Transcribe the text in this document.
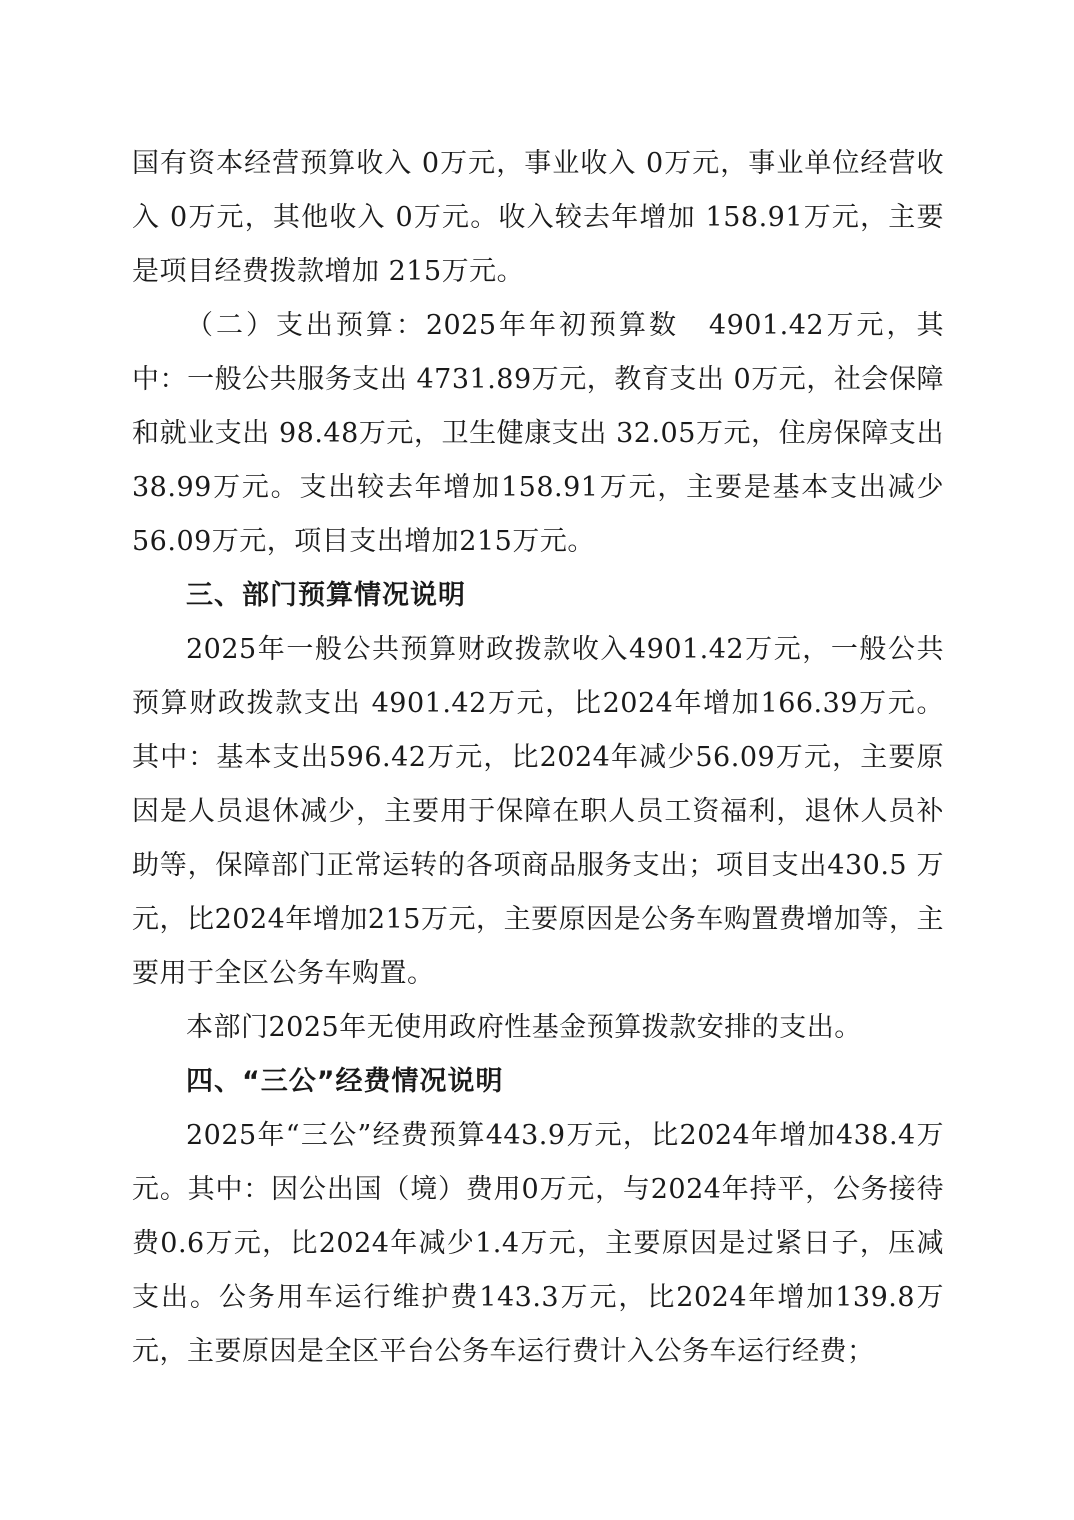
国有资本经营预算收入 0万元，事业收入 0万元，事业单位经营收入 0万元，其他收入 0万元。收入较去年增加 158.91万元，主要是项目经费拨款增加 215万元。

（二）支出预算：2025年年初预算数　4901.42万元，其中：一般公共服务支出 4731.89万元，教育支出 0万元，社会保障和就业支出 98.48万元，卫生健康支出 32.05万元，住房保障支出38.99万元。支出较去年增加158.91万元，主要是基本支出减少56.09万元，项目支出增加215万元。

三、部门预算情况说明

2025年一般公共预算财政拨款收入4901.42万元，一般公共预算财政拨款支出 4901.42万元，比2024年增加166.39万元。其中：基本支出596.42万元，比2024年减少56.09万元，主要原因是人员退休减少，主要用于保障在职人员工资福利，退休人员补助等，保障部门正常运转的各项商品服务支出；项目支出430.5 万元，比2024年增加215万元，主要原因是公务车购置费增加等，主要用于全区公务车购置。

本部门2025年无使用政府性基金预算拨款安排的支出。

四、“三公”经费情况说明

2025年“三公”经费预算443.9万元，比2024年增加438.4万元。其中：因公出国（境）费用0万元，与2024年持平，公务接待费0.6万元，比2024年减少1.4万元，主要原因是过紧日子，压减支出。公务用车运行维护费143.3万元，比2024年增加139.8万元，主要原因是全区平台公务车运行费计入公务车运行经费；
